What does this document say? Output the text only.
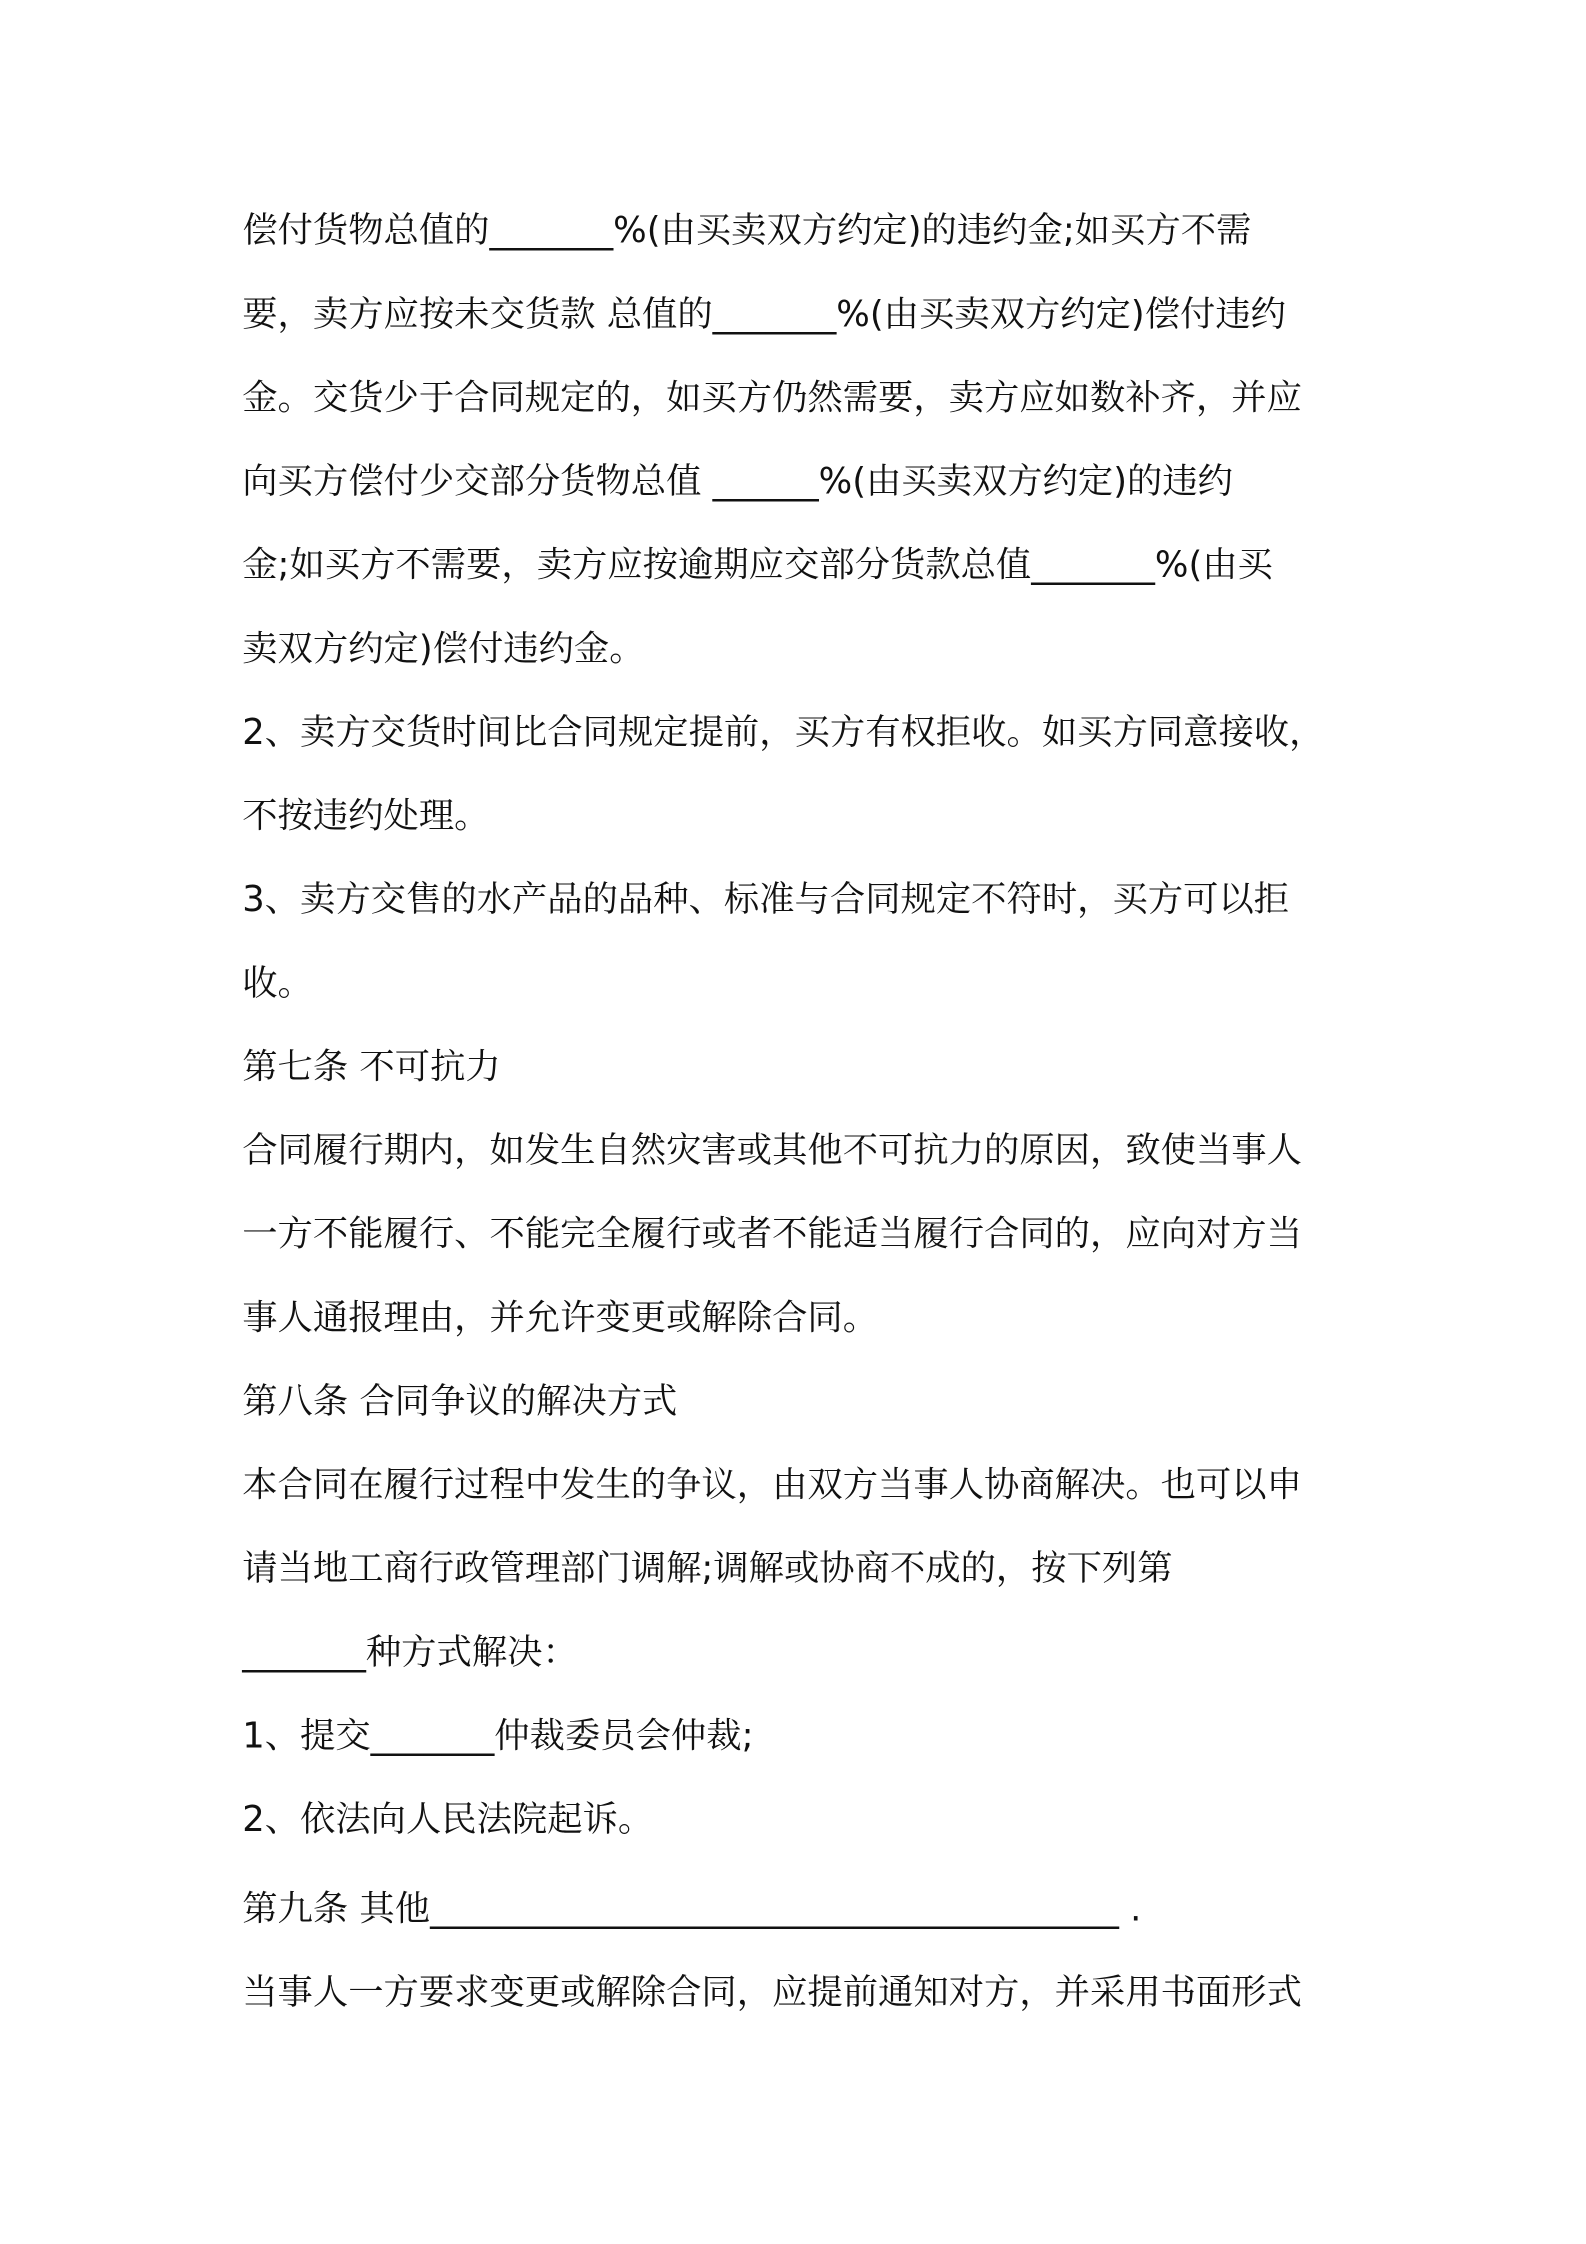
偿付货物总值的_______%(由买卖双方约定)的违约金;如买方不需

要，卖方应按未交货款 总值的_______%(由买卖双方约定)偿付违约

金。交货少于合同规定的，如买方仍然需要，卖方应如数补齐，并应

向买方偿付少交部分货物总值 ______%(由买卖双方约定)的违约

金;如买方不需要，卖方应按逾期应交部分货款总值_______%(由买

卖双方约定)偿付违约金。

2、卖方交货时间比合同规定提前，买方有权拒收。如买方同意接收，

不按违约处理。

3、卖方交售的水产品的品种、标准与合同规定不符时，买方可以拒

收。

第七条 不可抗力

合同履行期内，如发生自然灾害或其他不可抗力的原因，致使当事人

一方不能履行、不能完全履行或者不能适当履行合同的，应向对方当

事人通报理由，并允许变更或解除合同。

第八条 合同争议的解决方式

本合同在履行过程中发生的争议，由双方当事人协商解决。也可以申

请当地工商行政管理部门调解;调解或协商不成的，按下列第

_______种方式解决：

1、提交_______仲裁委员会仲裁;

2、依法向人民法院起诉。

第九条 其他_______________________________________ .

当事人一方要求变更或解除合同，应提前通知对方，并采用书面形式
